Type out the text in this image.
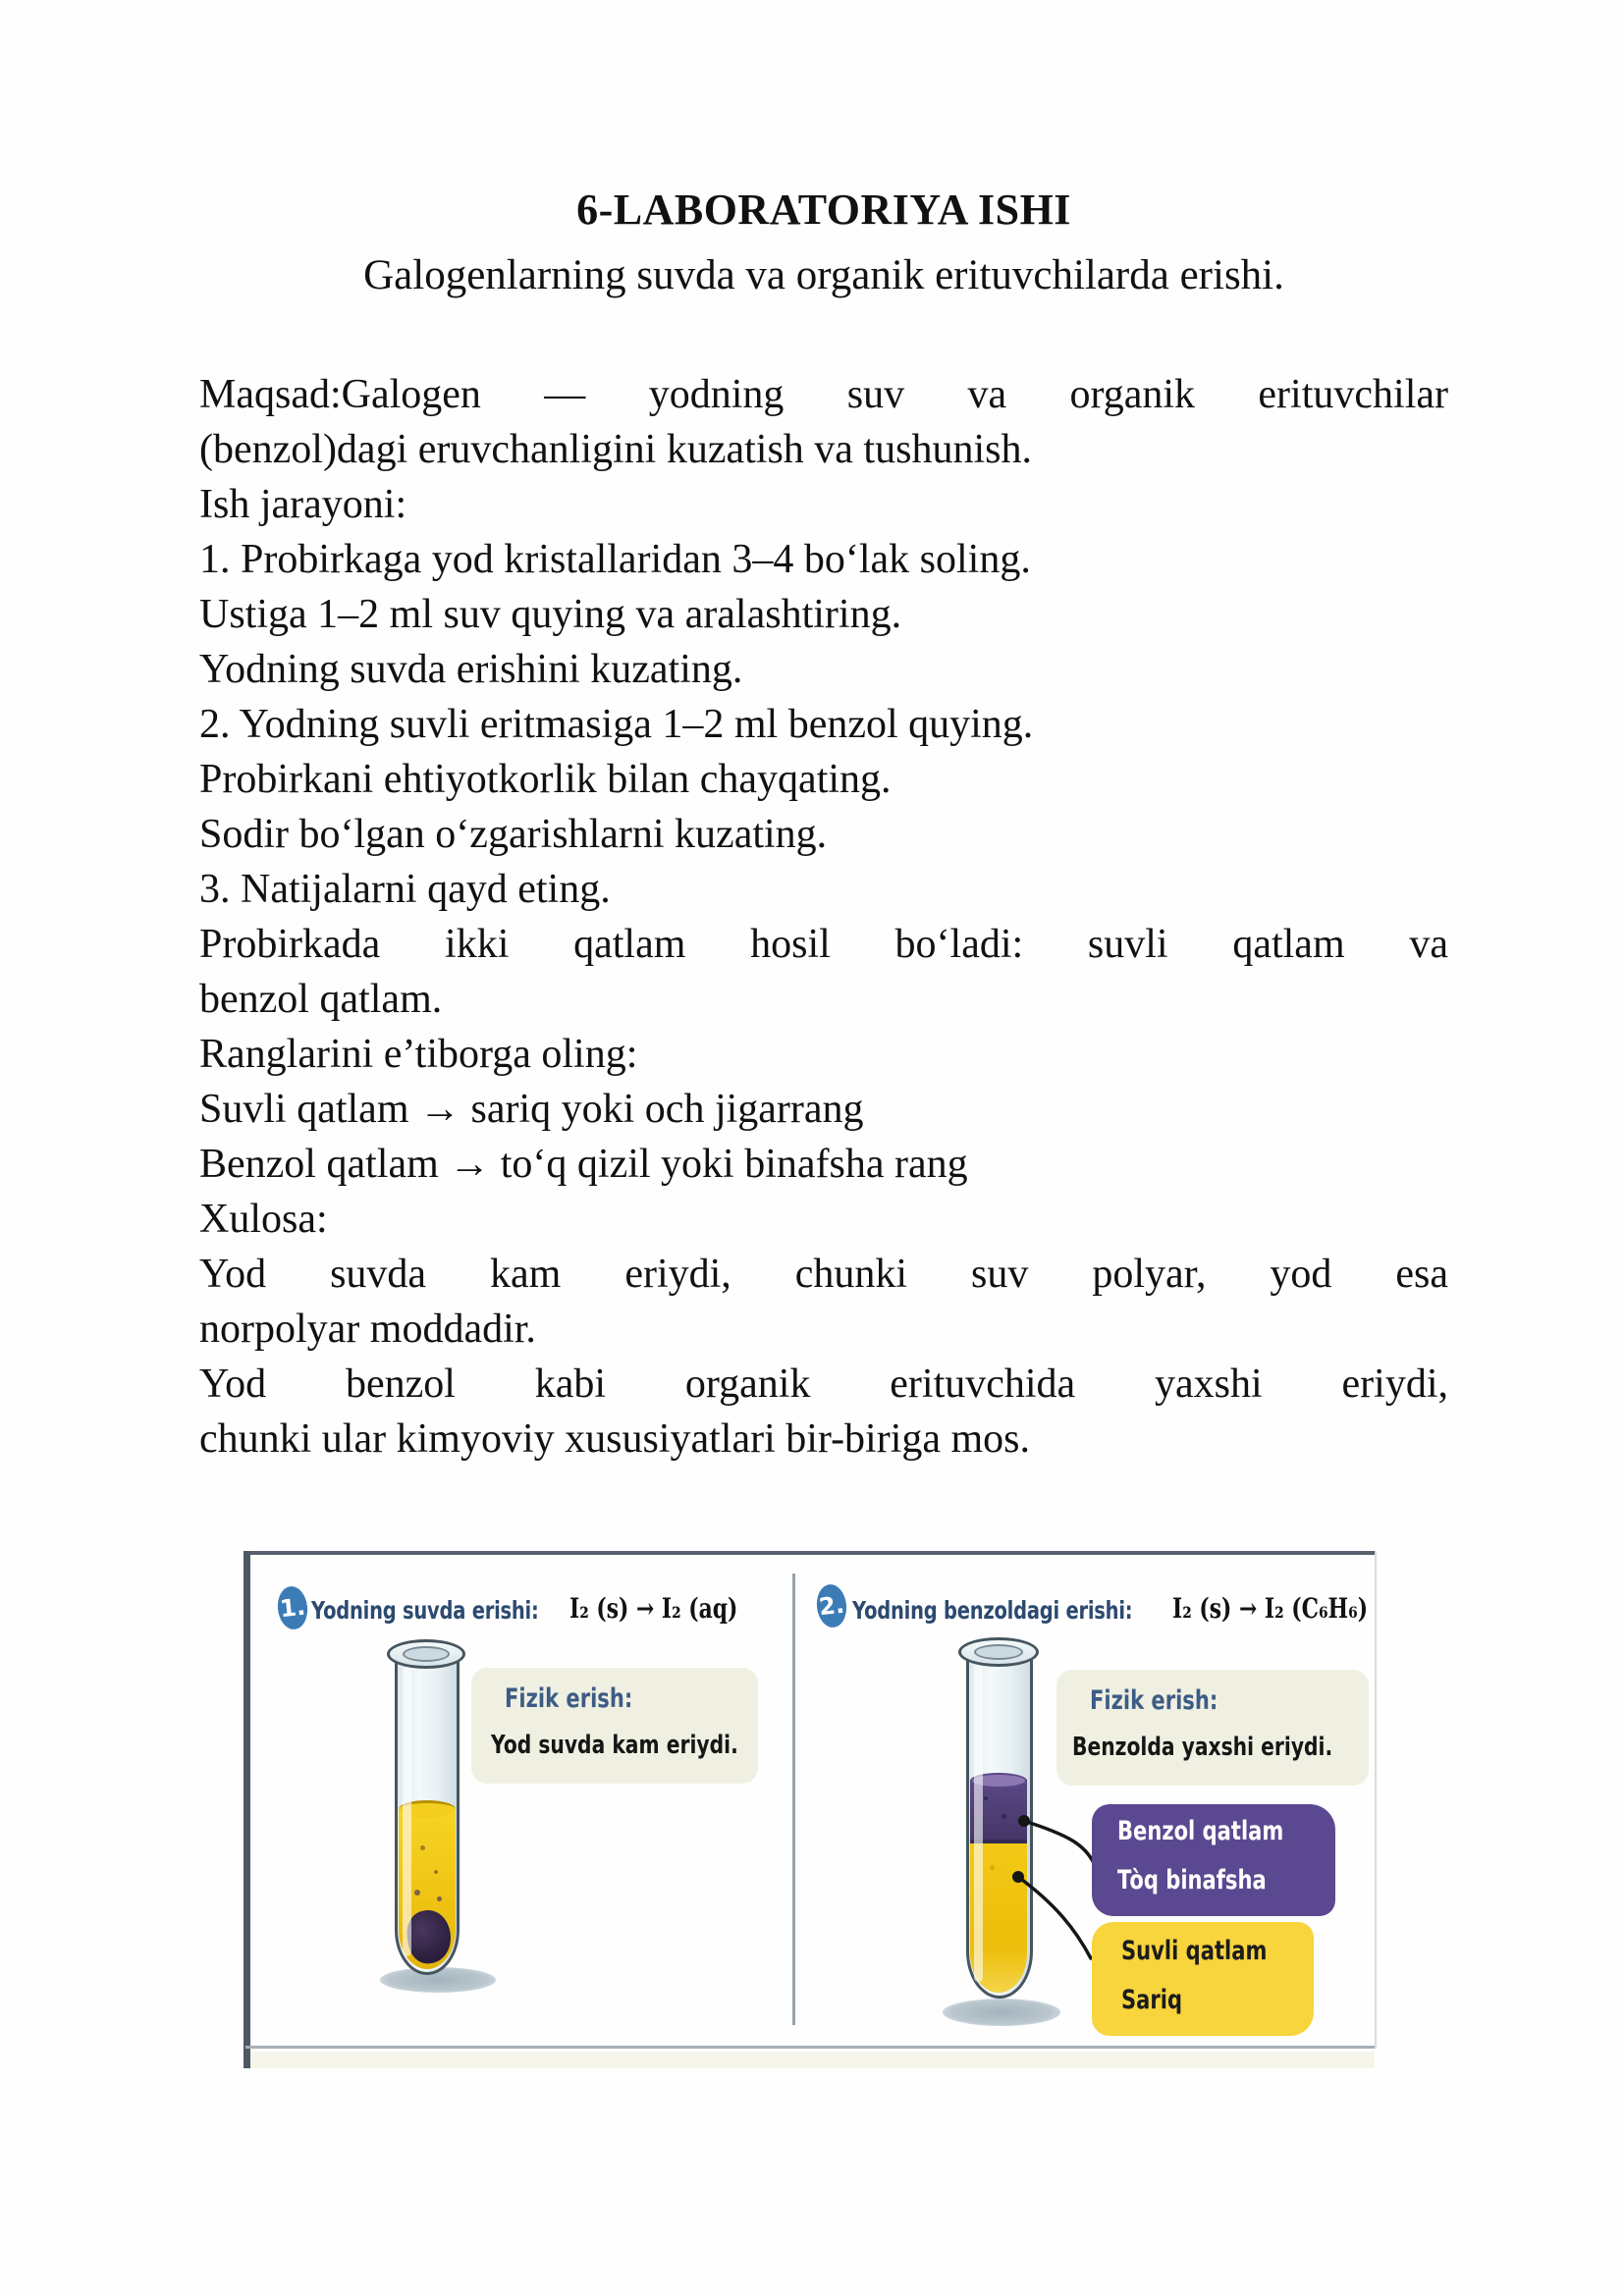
6-LABORATORIYA ISHI
Galogenlarning suvda va organik erituvchilarda erishi.
Maqsad:Galogen — yodning suv va organik erituvchilar
(benzol)dagi eruvchanligini kuzatish va tushunish.
Ish jarayoni:
1. Probirkaga yod kristallaridan 3–4 bo‘lak soling.
Ustiga 1–2 ml suv quying va aralashtiring.
Yodning suvda erishini kuzating.
2. Yodning suvli eritmasiga 1–2 ml benzol quying.
Probirkani ehtiyotkorlik bilan chayqating.
Sodir bo‘lgan o‘zgarishlarni kuzating.
3. Natijalarni qayd eting.
Probirkada ikki qatlam hosil bo‘ladi: suvli qatlam va
benzol qatlam.
Ranglarini e’tiborga oling:
Suvli qatlam → sariq yoki och jigarrang
Benzol qatlam → to‘q qizil yoki binafsha rang
Xulosa:
Yod suvda kam eriydi, chunki suv polyar, yod esa
norpolyar moddadir.
Yod benzol kabi organik erituvchida yaxshi eriydi,
chunki ular kimyoviy xususiyatlari bir-biriga mos.
1. Yodning suvda erishi: I₂ (s) → I₂ (aq)	2. Yodning benzoldagi erishi: I₂ (s) → I₂ (C₆H₆)
Fizik erish:
Yod suvda kam eriydi.
Fizik erish:
Benzolda yaxshi eriydi.
Benzol qatlam
Tòq binafsha
Suvli qatlam
Sariq
